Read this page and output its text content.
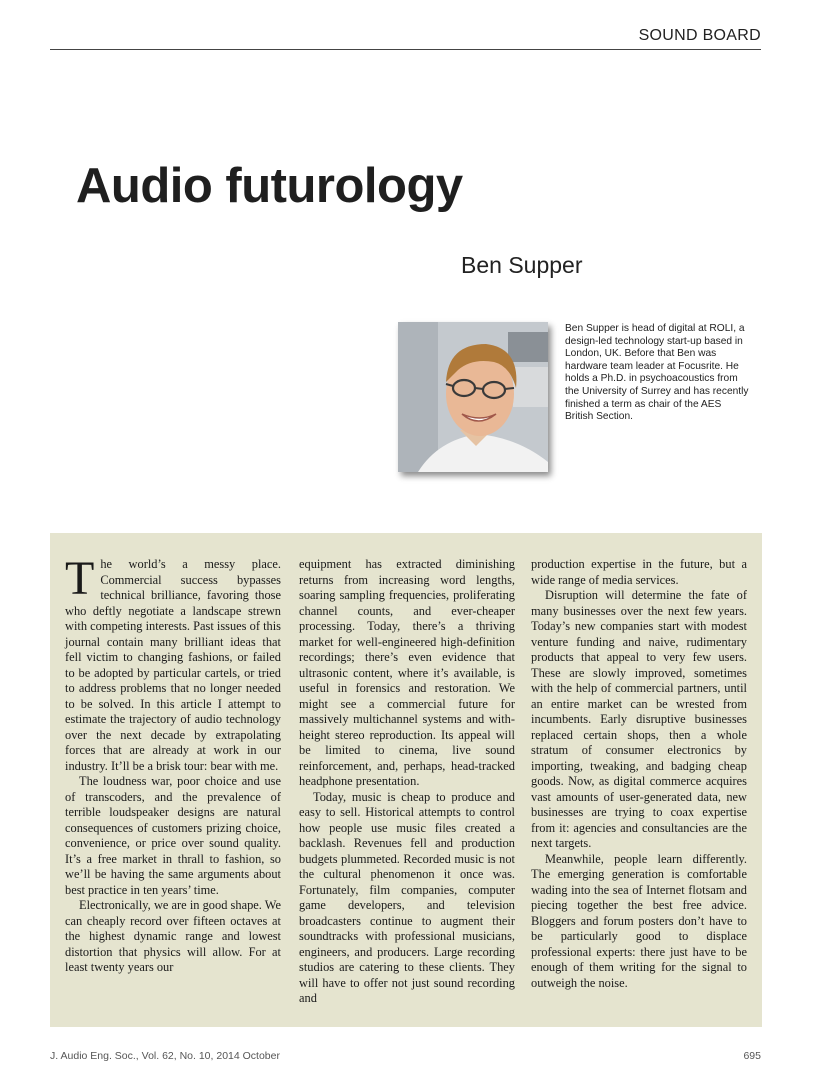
SOUND BOARD
Audio futurology
Ben Supper

Ben Supper is head of digital at ROLI, a design-led technology start-up based in London, UK. Before that Ben was hardware team leader at Focusrite. He holds a Ph.D. in psychoacoustics from the University of Surrey and has recently finished a term as chair of the AES British Section.

The world’s a messy place. Commercial success bypasses technical brilliance, favoring those who deftly negotiate a landscape strewn with competing interests. Past issues of this journal contain many brilliant ideas that fell victim to changing fashions, or failed to be adopted by particular cartels, or tried to address problems that no longer needed to be solved. In this article I attempt to estimate the trajectory of audio technology over the next decade by extrapolating forces that are already at work in our industry. It’ll be a brisk tour: bear with me.

The loudness war, poor choice and use of transcoders, and the prevalence of terrible loudspeaker designs are natural consequences of customers prizing choice, convenience, or price over sound quality. It’s a free market in thrall to fashion, so we’ll be having the same arguments about best practice in ten years’ time.

Electronically, we are in good shape. We can cheaply record over fifteen octaves at the highest dynamic range and lowest distortion that physics will allow. For at least twenty years our

equipment has extracted diminishing returns from increasing word lengths, soaring sampling frequencies, proliferating channel counts, and ever-cheaper processing. Today, there’s a thriving market for well-engineered high-definition recordings; there’s even evidence that ultrasonic content, where it’s available, is useful in forensics and restoration. We might see a commercial future for massively multichannel systems and with-height stereo reproduction. Its appeal will be limited to cinema, live sound reinforcement, and, perhaps, head-tracked headphone presentation.

Today, music is cheap to produce and easy to sell. Historical attempts to control how people use music files created a backlash. Revenues fell and production budgets plummeted. Recorded music is not the cultural phenomenon it once was. Fortunately, film companies, computer game developers, and television broadcasters continue to augment their soundtracks with professional musicians, engineers, and producers. Large recording studios are catering to these clients. They will have to offer not just sound recording and

production expertise in the future, but a wide range of media services.

Disruption will determine the fate of many businesses over the next few years. Today’s new companies start with modest venture funding and naive, rudimentary products that appeal to very few users. These are slowly improved, sometimes with the help of commercial partners, until an entire market can be wrested from incumbents. Early disruptive businesses replaced certain shops, then a whole stratum of consumer electronics by importing, tweaking, and badging cheap goods. Now, as digital commerce acquires vast amounts of user-generated data, new businesses are trying to coax expertise from it: agencies and consultancies are the next targets.

Meanwhile, people learn differently. The emerging generation is comfortable wading into the sea of Internet flotsam and piecing together the best free advice. Bloggers and forum posters don’t have to be particularly good to displace professional experts: there just have to be enough of them writing for the signal to outweigh the noise.

J. Audio Eng. Soc., Vol. 62, No. 10, 2014 October	695
